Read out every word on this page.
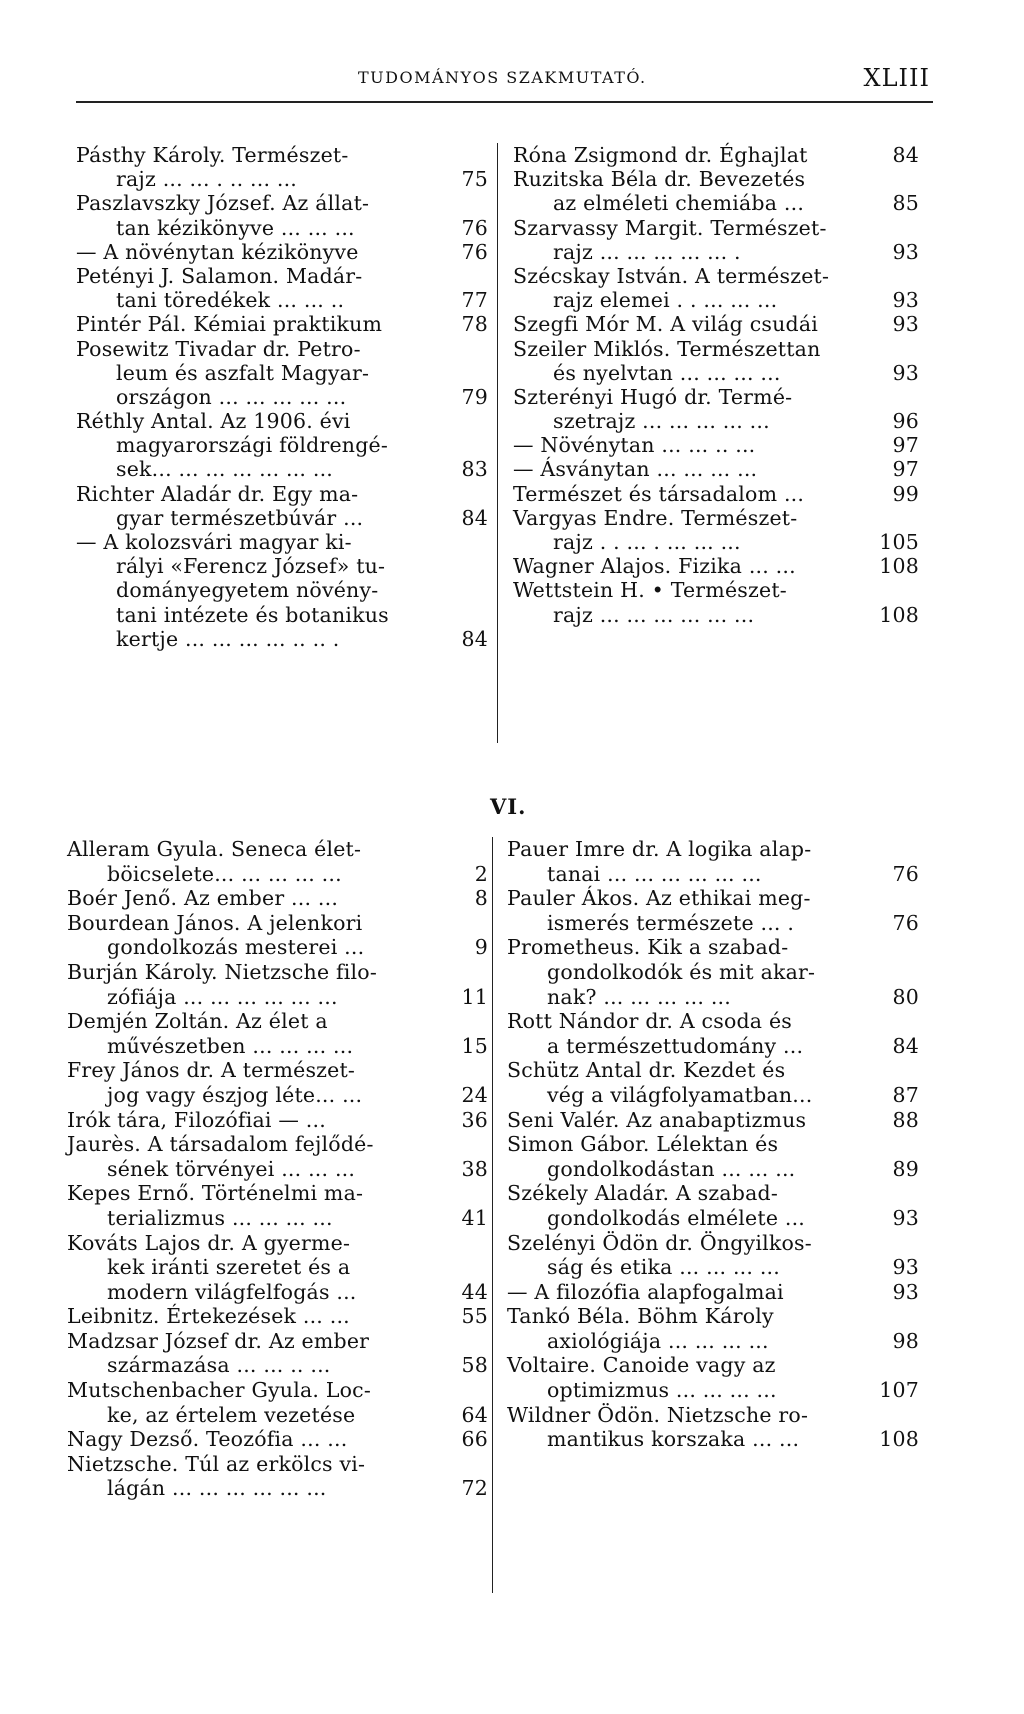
TUDOMÁNYOS SZAKMUTATÓ.	XLIII
Pásthy Károly. Természet-
rajz ... ... . .. ... ...	75
Paszlavszky József. Az állat-
tan kézikönyve ... ... ...	76
— A növénytan kézikönyve	76
Petényi J. Salamon. Madár-
tani töredékek ... ... ..	77
Pintér Pál. Kémiai praktikum	78
Posewitz Tivadar dr. Petro-
leum és aszfalt Magyar-
országon ... ... ... ... ...	79
Réthly Antal. Az 1906. évi
magyarországi földrengé-
sek... ... ... ... ... ... ...	83
Richter Aladár dr. Egy ma-
gyar természetbúvár ...	84
— A kolozsvári magyar ki-
rályi «Ferencz József» tu-
dományegyetem növény-
tani intézete és botanikus
kertje ... ... ... ... .. .. .	84
Róna Zsigmond dr. Éghajlat	84
Ruzitska Béla dr. Bevezetés
az elméleti chemiába ...	85
Szarvassy Margit. Természet-
rajz ... ... ... ... ... .	93
Szécskay István. A természet-
rajz elemei . . ... ... ...	93
Szegfi Mór M. A világ csudái	93
Szeiler Miklós. Természettan
és nyelvtan ... ... ... ...	93
Szterényi Hugó dr. Termé-
szetrajz ... ... ... ... ...	96
— Növénytan ... ... .. ...	97
— Ásványtan ... ... ... ...	97
Természet és társadalom ...	99
Vargyas Endre. Természet-
rajz . . ... . ... ... ...	105
Wagner Alajos. Fizika ... ...	108
Wettstein H. • Természet-
rajz ... ... ... ... ... ...	108
VI.
Alleram Gyula. Seneca élet-
böicselete... ... ... ... ...	2
Boér Jenő. Az ember ... ...	8
Bourdean János. A jelenkori
gondolkozás mesterei ...	9
Burján Károly. Nietzsche filo-
zófiája ... ... ... ... ... ...	11
Demjén Zoltán. Az élet a
művészetben ... ... ... ...	15
Frey János dr. A természet-
jog vagy észjog léte... ...	24
Irók tára, Filozófiai — ...	36
Jaurès. A társadalom fejlődé-
sének törvényei ... ... ...	38
Kepes Ernő. Történelmi ma-
terializmus ... ... ... ...	41
Kováts Lajos dr. A gyerme-
kek iránti szeretet és a
modern világfelfogás ...	44
Leibnitz. Értekezések ... ...	55
Madzsar József dr. Az ember
származása ... ... .. ...	58
Mutschenbacher Gyula. Loc-
ke, az értelem vezetése	64
Nagy Dezső. Teozófia ... ...	66
Nietzsche. Túl az erkölcs vi-
lágán ... ... ... ... ... ...	72
Pauer Imre dr. A logika alap-
tanai ... ... ... ... ... ...	76
Pauler Ákos. Az ethikai meg-
ismerés természete ... .	76
Prometheus. Kik a szabad-
gondolkodók és mit akar-
nak? ... ... ... ... ...	80
Rott Nándor dr. A csoda és
a természettudomány ...	84
Schütz Antal dr. Kezdet és
vég a világfolyamatban...	87
Seni Valér. Az anabaptizmus	88
Simon Gábor. Lélektan és
gondolkodástan ... ... ...	89
Székely Aladár. A szabad-
gondolkodás elmélete ...	93
Szelényi Ödön dr. Öngyilkos-
ság és etika ... ... ... ...	93
— A filozófia alapfogalmai	93
Tankó Béla. Böhm Károly
axiológiája ... ... ... ...	98
Voltaire. Canoide vagy az
optimizmus ... ... ... ...	107
Wildner Ödön. Nietzsche ro-
mantikus korszaka ... ...	108
